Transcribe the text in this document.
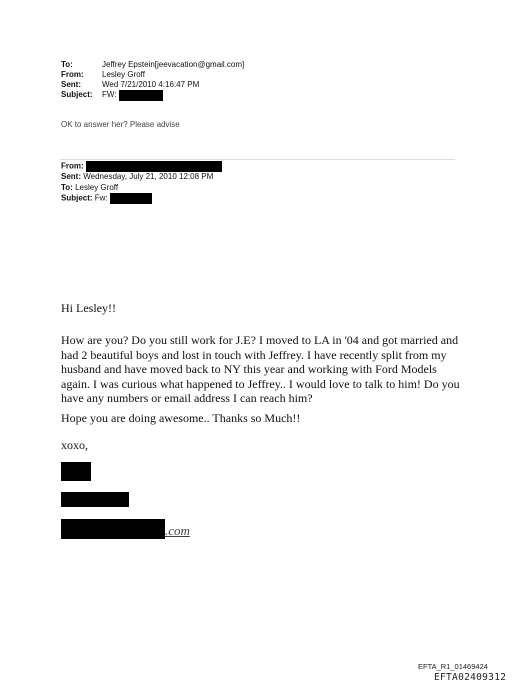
To:	Jeffrey Epstein[jeevacation@gmail.com]
From:	Lesley Groff
Sent:	Wed 7/21/2010 4:16:47 PM
Subject:	FW:

OK to answer her? Please advise
From:
Sent: Wednesday, July 21, 2010 12:08 PM
To: Lesley Groff
Subject: Fw:

Hi Lesley!!

How are you? Do you still work for J.E? I moved to LA in '04 and got married and had 2 beautiful boys and lost in touch with Jeffrey. I have recently split from my husband and have moved back to NY this year and working with Ford Models again. I was curious what happened to Jeffrey.. I would love to talk to him! Do you have any numbers or email address I can reach him?

Hope you are doing awesome.. Thanks so Much!!

xoxo,

.com
EFTA_R1_01469424
EFTA02409312
